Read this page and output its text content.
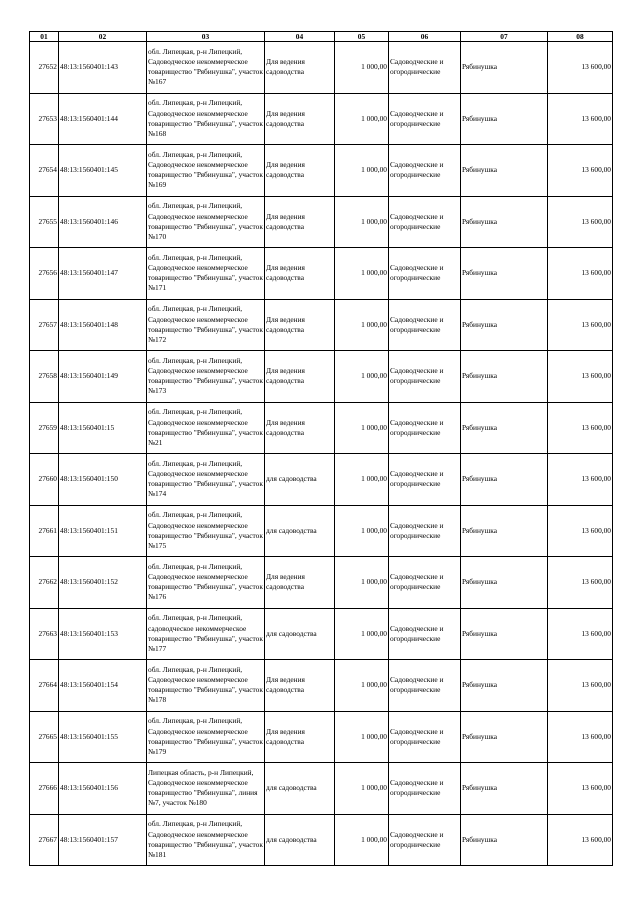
01	02	03	04	05	06	07	08
27652	48:13:1560401:143	обл. Липецкая, р-н Липецкий, Садоводческое некоммерческое товарищество "Рябинушка", участок №167	Для ведения садоводства	1 000,00	Садоводческие и огороднические	Рябинушка	13 600,00
27653	48:13:1560401:144	обл. Липецкая, р-н Липецкий, Садоводческое некоммерческое товарищество "Рябинушка", участок №168	Для ведения садоводства	1 000,00	Садоводческие и огороднические	Рябинушка	13 600,00
27654	48:13:1560401:145	обл. Липецкая, р-н Липецкий, Садоводческое некоммерческое товарищество "Рябинушка", участок №169	Для ведения садоводства	1 000,00	Садоводческие и огороднические	Рябинушка	13 600,00
27655	48:13:1560401:146	обл. Липецкая, р-н Липецкий, Садоводческое некоммерческое товарищество "Рябинушка", участок №170	Для ведения садоводства	1 000,00	Садоводческие и огороднические	Рябинушка	13 600,00
27656	48:13:1560401:147	обл. Липецкая, р-н Липецкий, Садоводческое некоммерческое товарищество "Рябинушка", участок №171	Для ведения садоводства	1 000,00	Садоводческие и огороднические	Рябинушка	13 600,00
27657	48:13:1560401:148	обл. Липецкая, р-н Липецкий, Садоводческое некоммерческое товарищество "Рябинушка", участок №172	Для ведения садоводства	1 000,00	Садоводческие и огороднические	Рябинушка	13 600,00
27658	48:13:1560401:149	обл. Липецкая, р-н Липецкий, Садоводческое некоммерческое товарищество "Рябинушка", участок №173	Для ведения садоводства	1 000,00	Садоводческие и огороднические	Рябинушка	13 600,00
27659	48:13:1560401:15	обл. Липецкая, р-н Липецкий, Садоводческое некоммерческое товарищество "Рябинушка", участок №21	Для ведения садоводства	1 000,00	Садоводческие и огороднические	Рябинушка	13 600,00
27660	48:13:1560401:150	обл. Липецкая, р-н Липецкий, Садоводческое некоммерческое товарищество "Рябинушка", участок №174	для садоводства	1 000,00	Садоводческие и огороднические	Рябинушка	13 600,00
27661	48:13:1560401:151	обл. Липецкая, р-н Липецкий, Садоводческое некоммерческое товарищество "Рябинушка", участок №175	для садоводства	1 000,00	Садоводческие и огороднические	Рябинушка	13 600,00
27662	48:13:1560401:152	обл. Липецкая, р-н Липецкий, Садоводческое некоммерческое товарищество "Рябинушка", участок №176	Для ведения садоводства	1 000,00	Садоводческие и огороднические	Рябинушка	13 600,00
27663	48:13:1560401:153	обл. Липецкая, р-н Липецкий, садоводческое некоммерческое товарищество "Рябинушка", участок №177	для садоводства	1 000,00	Садоводческие и огороднические	Рябинушка	13 600,00
27664	48:13:1560401:154	обл. Липецкая, р-н Липецкий, Садоводческое некоммерческое товарищество "Рябинушка", участок №178	Для ведения садоводства	1 000,00	Садоводческие и огороднические	Рябинушка	13 600,00
27665	48:13:1560401:155	обл. Липецкая, р-н Липецкий, Садоводческое некоммерческое товарищество "Рябинушка", участок №179	Для ведения садоводства	1 000,00	Садоводческие и огороднические	Рябинушка	13 600,00
27666	48:13:1560401:156	Липецкая область, р-н Липецкий, Садоводческое некоммерческое товарищество "Рябинушка", линия №7, участок №180	для садоводства	1 000,00	Садоводческие и огороднические	Рябинушка	13 600,00
27667	48:13:1560401:157	обл. Липецкая, р-н Липецкий, Садоводческое некоммерческое товарищество "Рябинушка", участок №181	для садоводства	1 000,00	Садоводческие и огороднические	Рябинушка	13 600,00
